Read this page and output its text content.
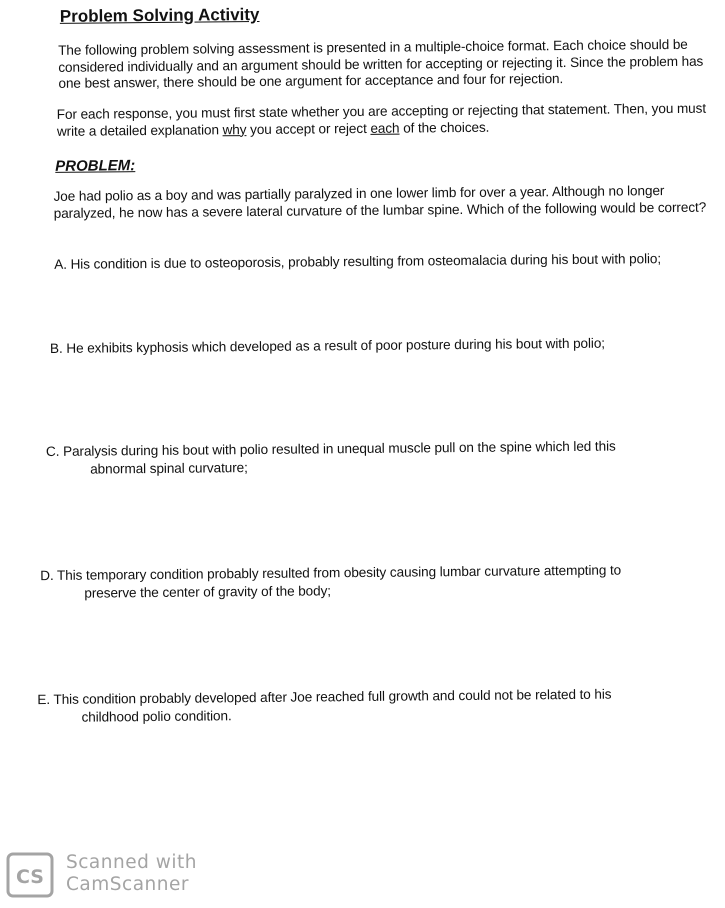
Problem Solving Activity
The following problem solving assessment is presented in a multiple-choice format. Each choice should be considered individually and an argument should be written for accepting or rejecting it. Since the problem has one best answer, there should be one argument for acceptance and four for rejection.
For each response, you must first state whether you are accepting or rejecting that statement. Then, you must write a detailed explanation why you accept or reject each of the choices.
PROBLEM:
Joe had polio as a boy and was partially paralyzed in one lower limb for over a year. Although no longer paralyzed, he now has a severe lateral curvature of the lumbar spine. Which of the following would be correct?
A. His condition is due to osteoporosis, probably resulting from osteomalacia during his bout with polio;
B. He exhibits kyphosis which developed as a result of poor posture during his bout with polio;
C. Paralysis during his bout with polio resulted in unequal muscle pull on the spine which led this
abnormal spinal curvature;
D. This temporary condition probably resulted from obesity causing lumbar curvature attempting to
preserve the center of gravity of the body;
E. This condition probably developed after Joe reached full growth and could not be related to his
childhood polio condition.
CS
Scanned with
CamScanner
